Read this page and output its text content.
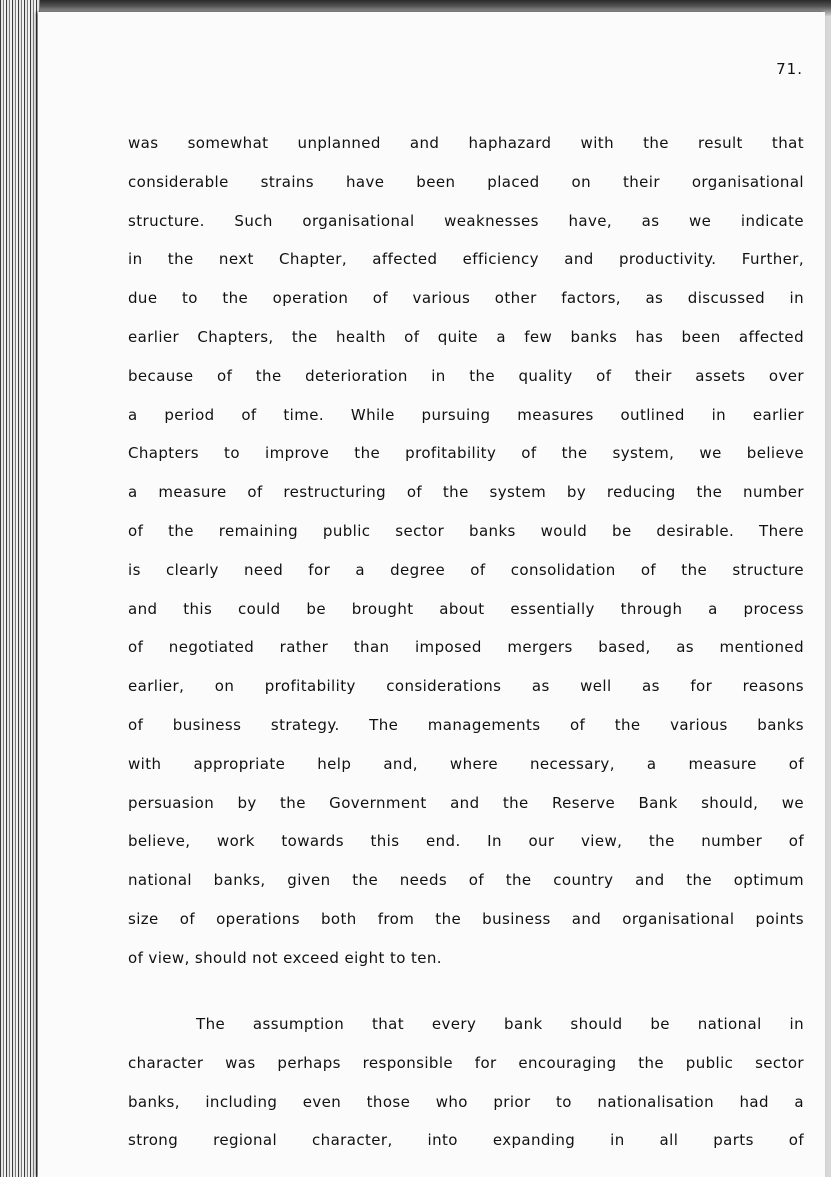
71.
was somewhat unplanned and haphazard with the result that
considerable strains have been placed on their organisational
structure. Such organisational weaknesses have, as we indicate
in the next Chapter, affected efficiency and productivity. Further,
due to the operation of various other factors, as discussed in
earlier Chapters, the health of quite a few banks has been affected
because of the deterioration in the quality of their assets over
a period of time. While pursuing measures outlined in earlier
Chapters to improve the profitability of the system, we believe
a measure of restructuring of the system by reducing the number
of the remaining public sector banks would be desirable. There
is clearly need for a degree of consolidation of the structure
and this could be brought about essentially through a process
of negotiated rather than imposed mergers based, as mentioned
earlier, on profitability considerations as well as for reasons
of business strategy. The managements of the various banks
with appropriate help and, where necessary, a measure of
persuasion by the Government and the Reserve Bank should, we
believe, work towards this end. In our view, the number of
national banks, given the needs of the country and the optimum
size of operations both from the business and organisational points
of view, should not exceed eight to ten.
The assumption that every bank should be national in
character was perhaps responsible for encouraging the public sector
banks, including even those who prior to nationalisation had a
strong regional character, into expanding in all parts of
